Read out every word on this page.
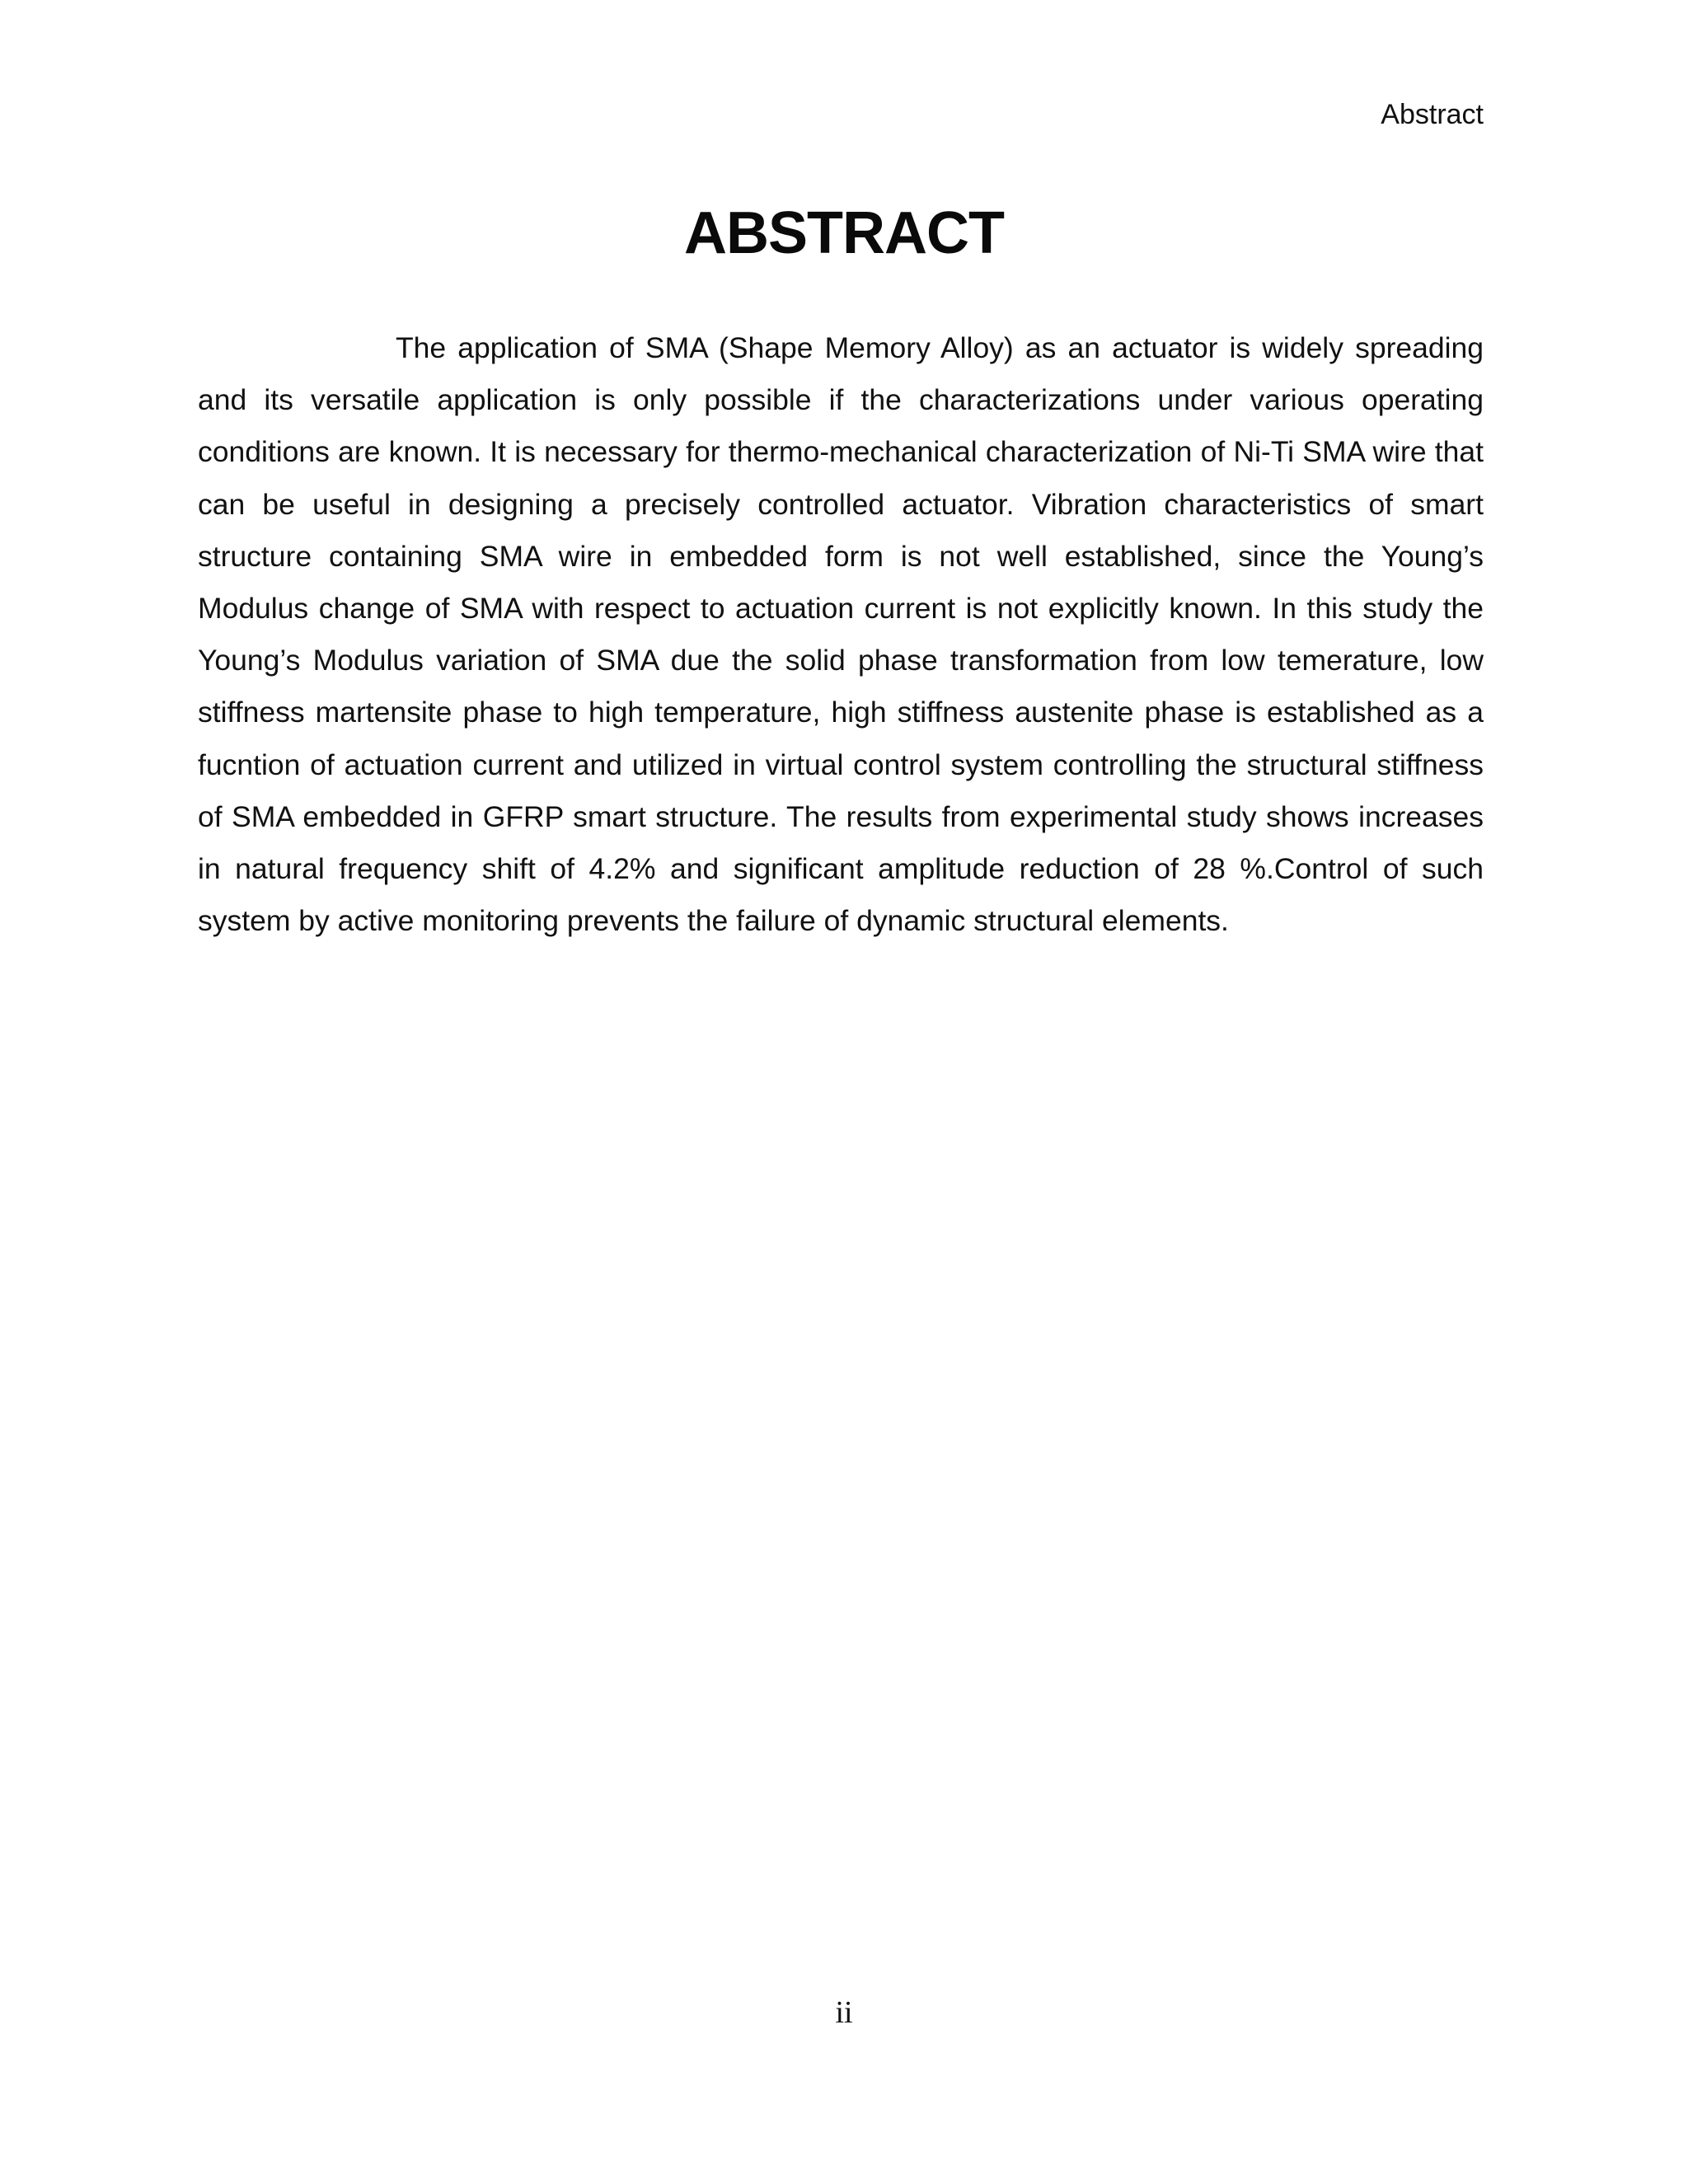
Abstract
ABSTRACT

The application of SMA (Shape Memory Alloy) as an actuator is widely spreading and its versatile application is only possible if the characterizations under various operating conditions are known. It is necessary for thermo-mechanical characterization of Ni-Ti SMA wire that can be useful in designing a precisely controlled actuator. Vibration characteristics of smart structure containing SMA wire in embedded form is not well established, since the Young’s Modulus change of SMA with respect to actuation current is not explicitly known. In this study the Young’s Modulus variation of SMA due the solid phase transformation from low temerature, low stiffness martensite phase to high temperature, high stiffness austenite phase is established as a fucntion of actuation current and utilized in virtual control system controlling the structural stiffness of SMA embedded in GFRP smart structure. The results from experimental study shows increases in natural frequency shift of 4.2% and significant amplitude reduction of 28 %.Control of such system by active monitoring prevents the failure of dynamic structural elements.

ii
